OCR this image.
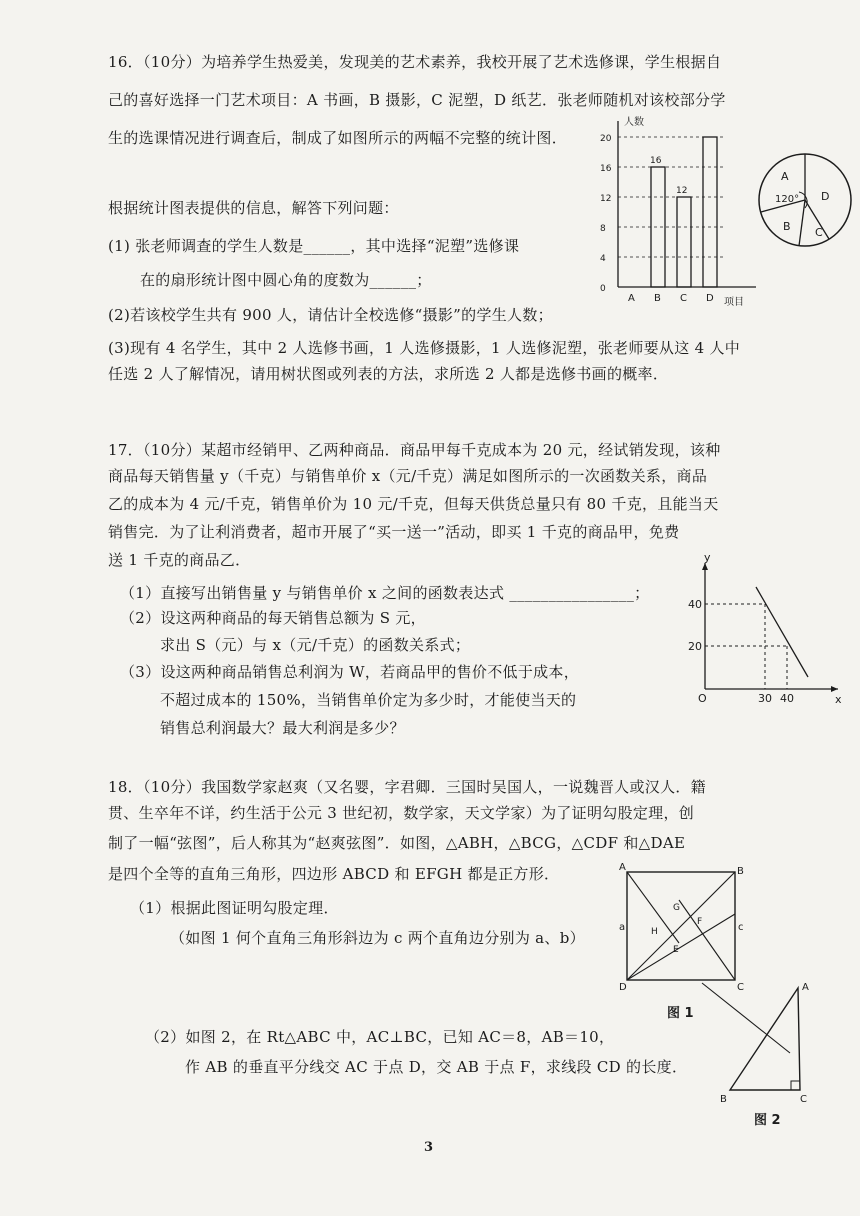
16．（10分）为培养学生热爱美，发现美的艺术素养，我校开展了艺术选修课，学生根据自
己的喜好选择一门艺术项目：A 书画，B 摄影，C 泥塑，D 纸艺．张老师随机对该校部分学
生的选课情况进行调查后，制成了如图所示的两幅不完整的统计图．
根据统计图表提供的信息，解答下列问题：
(1) 张老师调查的学生人数是______，其中选择“泥塑”选修课
在的扇形统计图中圆心角的度数为______；
(2)若该校学生共有 900 人，请估计全校选修“摄影”的学生人数；
(3)现有 4 名学生，其中 2 人选修书画，1 人选修摄影，1 人选修泥塑，张老师要从这 4 人中
任选 2 人了解情况，请用树状图或列表的方法，求所选 2 人都是选修书画的概率．
人数
项目
0
4
8
12
16
20
A B
16
C
12
D
A
120°
B C
D
17．（10分）某超市经销甲、乙两种商品．商品甲每千克成本为 20 元，经试销发现，该种
商品每天销售量 y（千克）与销售单价 x（元/千克）满足如图所示的一次函数关系，商品
乙的成本为 4 元/千克，销售单价为 10 元/千克，但每天供货总量只有 80 千克，且能当天
销售完．为了让利消费者，超市开展了“买一送一”活动，即买 1 千克的商品甲，免费
送 1 千克的商品乙．
（1）直接写出销售量 y 与销售单价 x 之间的函数表达式 ________________；
（2）设这两种商品的每天销售总额为 S 元，
求出 S（元）与 x（元/千克）的函数关系式；
（3）设这两种商品销售总利润为 W，若商品甲的售价不低于成本，
不超过成本的 150%，当销售单价定为多少时，才能使当天的
销售总利润最大？最大利润是多少？
y
x
O
40
20
30 40
18．（10分）我国数学家赵爽（又名婴，字君卿．三国时吴国人，一说魏晋人或汉人．籍
贯、生卒年不详，约生活于公元 3 世纪初，数学家，天文学家）为了证明勾股定理，创
制了一幅“弦图”，后人称其为“赵爽弦图”．如图，△ABH，△BCG，△CDF 和△DAE
是四个全等的直角三角形，四边形 ABCD 和 EFGH 都是正方形．
（1）根据此图证明勾股定理．
（如图 1 何个直角三角形斜边为 c 两个直角边分别为 a、b）
（2）如图 2，在 Rt△ABC 中，AC⊥BC，已知 AC＝8，AB＝10，
作 AB 的垂直平分线交 AC 于点 D，交 AB 于点 F，求线段 CD 的长度．
A	B
C
D
a	c
G
F
H
E
图 1
A
B	C
图 2
3
